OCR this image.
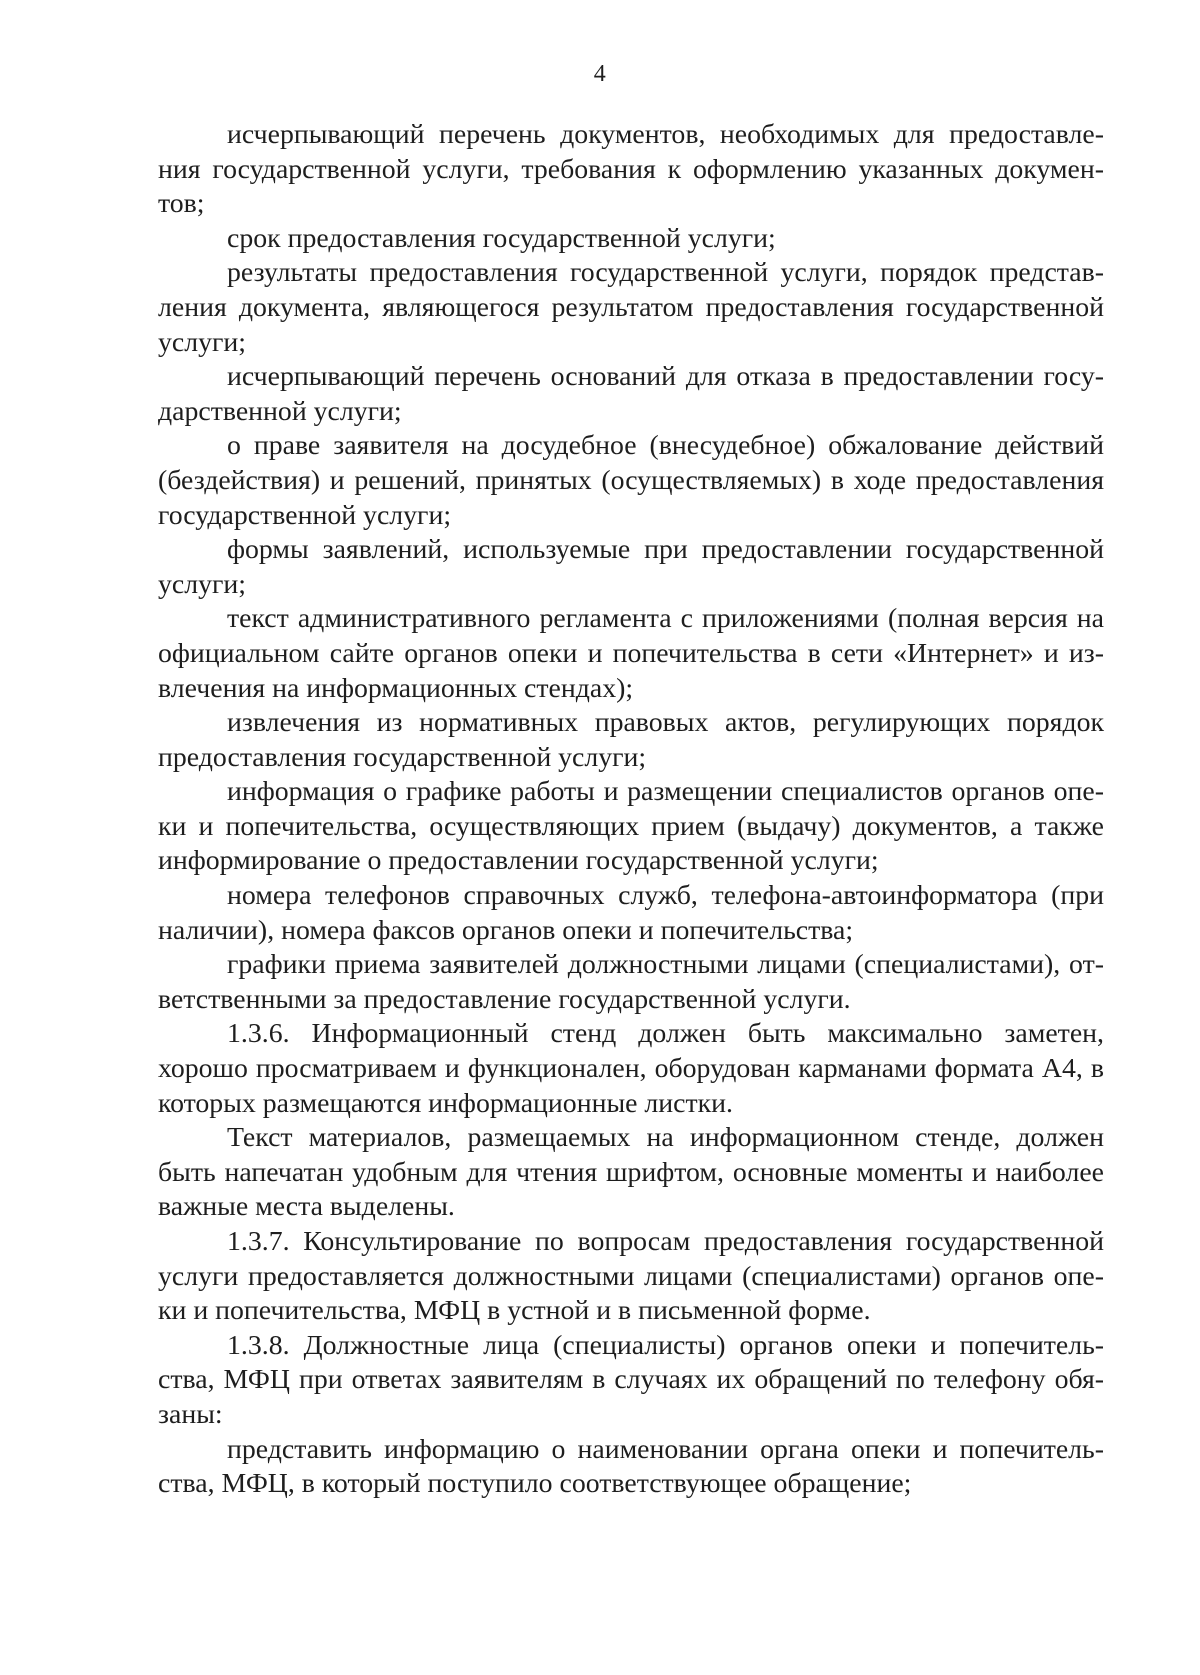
4

исчерпывающий перечень документов, необходимых для предоставле-ния государственной услуги, требования к оформлению указанных докумен-тов;

срок предоставления государственной услуги;

результаты предоставления государственной услуги, порядок представ-ления документа, являющегося результатом предоставления государственной услуги;

исчерпывающий перечень оснований для отказа в предоставлении госу-дарственной услуги;

о праве заявителя на досудебное (внесудебное) обжалование действий (бездействия) и решений, принятых (осуществляемых) в ходе предоставления государственной услуги;

формы заявлений, используемые при предоставлении государственной услуги;

текст административного регламента с приложениями (полная версия на официальном сайте органов опеки и попечительства в сети «Интернет» и из-влечения на информационных стендах);

извлечения из нормативных правовых актов, регулирующих порядок предоставления государственной услуги;

информация о графике работы и размещении специалистов органов опе-ки и попечительства, осуществляющих прием (выдачу) документов, а также информирование о предоставлении государственной услуги;

номера телефонов справочных служб, телефона-автоинформатора (при наличии), номера факсов органов опеки и попечительства;

графики приема заявителей должностными лицами (специалистами), от-ветственными за предоставление государственной услуги.

1.3.6. Информационный стенд должен быть максимально заметен, хорошо просматриваем и функционален, оборудован карманами формата А4, в которых размещаются информационные листки.

Текст материалов, размещаемых на информационном стенде, должен быть напечатан удобным для чтения шрифтом, основные моменты и наиболее важные места выделены.

1.3.7. Консультирование по вопросам предоставления государственной услуги предоставляется должностными лицами (специалистами) органов опе-ки и попечительства, МФЦ в устной и в письменной форме.

1.3.8. Должностные лица (специалисты) органов опеки и попечитель-ства, МФЦ при ответах заявителям в случаях их обращений по телефону обя-заны:

представить информацию о наименовании органа опеки и попечитель-ства, МФЦ, в который поступило соответствующее обращение;
